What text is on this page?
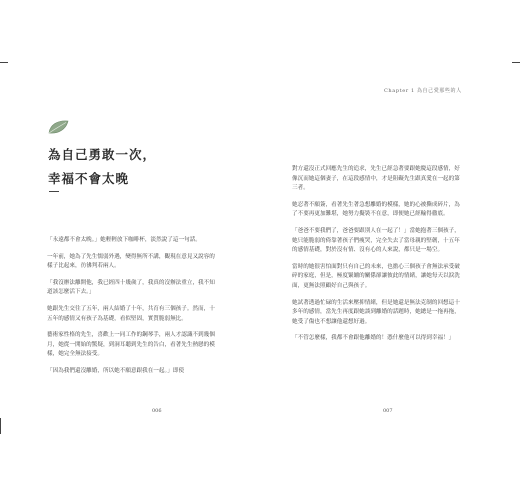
為自己勇敢一次，
幸福不會太晚

「永遠都不會太晚。」她輕輕放下咖啡杯，淡然說了這一句話。

一年前，她為了先生懦弱外遇，變得無所不講，觀現在意見又說容的樣子比起來，彷彿判若兩人。

「我沒辦法離開他，我已經四十幾歲了，我真的沒辦法重立，我不知道該怎麼活下去。」

她跟先生交往了五年，兩人結婚了十年，共育有三個孩子。然而，十五年的感情又有孩子為基礎，看似堅固，實質脆弱無比。

藝術家性格的先生，喜歡上一同工作的鋼琴手，兩人才認識不到幾個月，她從一開始的驚疑，到洞耳聽到先生的告白，看著先生熱戀的模樣，她完全無法接受。

「因為我們還沒離婚，所以她不願意跟我在一起。」即使

006
Chapter 1 為自己愛那些的人

對方還沒正式回應先生的追求，先生已經急著要跟她慶這段感情，好像沉而她這個妻子，在這段感情中，才是阻礙先生跟真愛在一起的第三者。

她忍著不願簽，看著先生著急想離婚的模樣，她的心被撕成碎片，為了不要再更加難堪，她努力擬裝不在意，即便她已經輸得徹底。

「爸爸不要我們了，爸爸要跟別人在一起了！」當她抱著三個孩子，她只能脆弱的倚靠著孩子們瘦哭，完全失去了當母親的堅韌，十五年的感情基礎，對於沒有情、沒有心的人來說，都只是一場空。

當時的她很害怕面對只有自己的未來，也擔心三個孩子會無法承受破碎的家庭，但是，極度緊繃的關係卻讓彼此的情緒，讓她每天以淚洗面，更無法照顧好自己與孩子。

她試著透過忙碌的生活來壓抑情緒，但是她還是無法克制的回想這十多年的感情，當先生再度跟她談到離婚的話題時，她總是一拖再拖，她受了傷也不想讓他還想好過。

「不管怎麼樣，我都不會跟他離婚的！憑什麼他可以得到幸福！」

007
